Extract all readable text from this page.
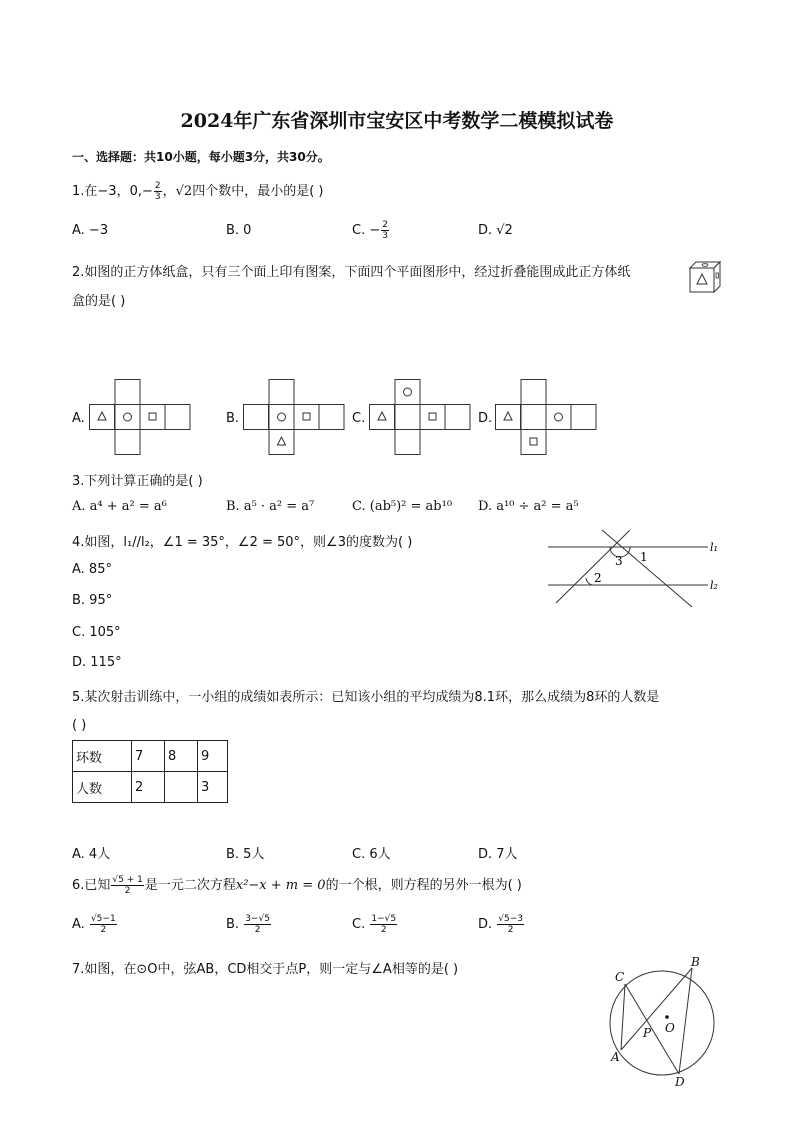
2024年广东省深圳市宝安区中考数学二模模拟试卷
一、选择题：共10小题，每小题3分，共30分。
1.在−3，$0,- \frac{2}{3}$ ，√2四个数中，最小的是( )
A. −3	B. 0	C. − $\frac{2}{3}$	D. √2
2.如图的正方体纸盒，只有三个面上印有图案，下面四个平面图形中，经过折叠能围成此正方体纸
盒的是( )
A.	B.	C.	D.
3.下列计算正确的是( )
A. a⁴ + a² = a⁶	B. a⁵ · a² = a⁷	C. (ab⁵)² = ab¹⁰ D. a¹⁰ ÷ a² = a⁵
4.如图，l₁//l₂，∠1 = 35°，∠2 = 50°，则∠3的度数为( )
A. 85°
B. 95°
C. 105°
D. 115°
1
2
3
l₁
l₂
5.某次射击训练中，一小组的成绩如表所示：已知该小组的平均成绩为8.1环，那么成绩为8环的人数是
( )
环数	7	8	9
人数	2		3
A. 4人	B. 5人	C. 6人	D. 7人
6.已知 $\frac{√5 + 1}{2}$ 是一元二次方程x²−x + m = 0的一个根，则方程的另外一根为( )
A. $\frac{√5-1}{2}$	B. $\frac{3-√5}{2}$	C. $\frac{1-√5}{2}$	D. $\frac{√5-3}{2}$
7.如图，在⊙O中，弦AB，CD相交于点P，则一定与∠A相等的是( )	C
B
O
P
A
D
